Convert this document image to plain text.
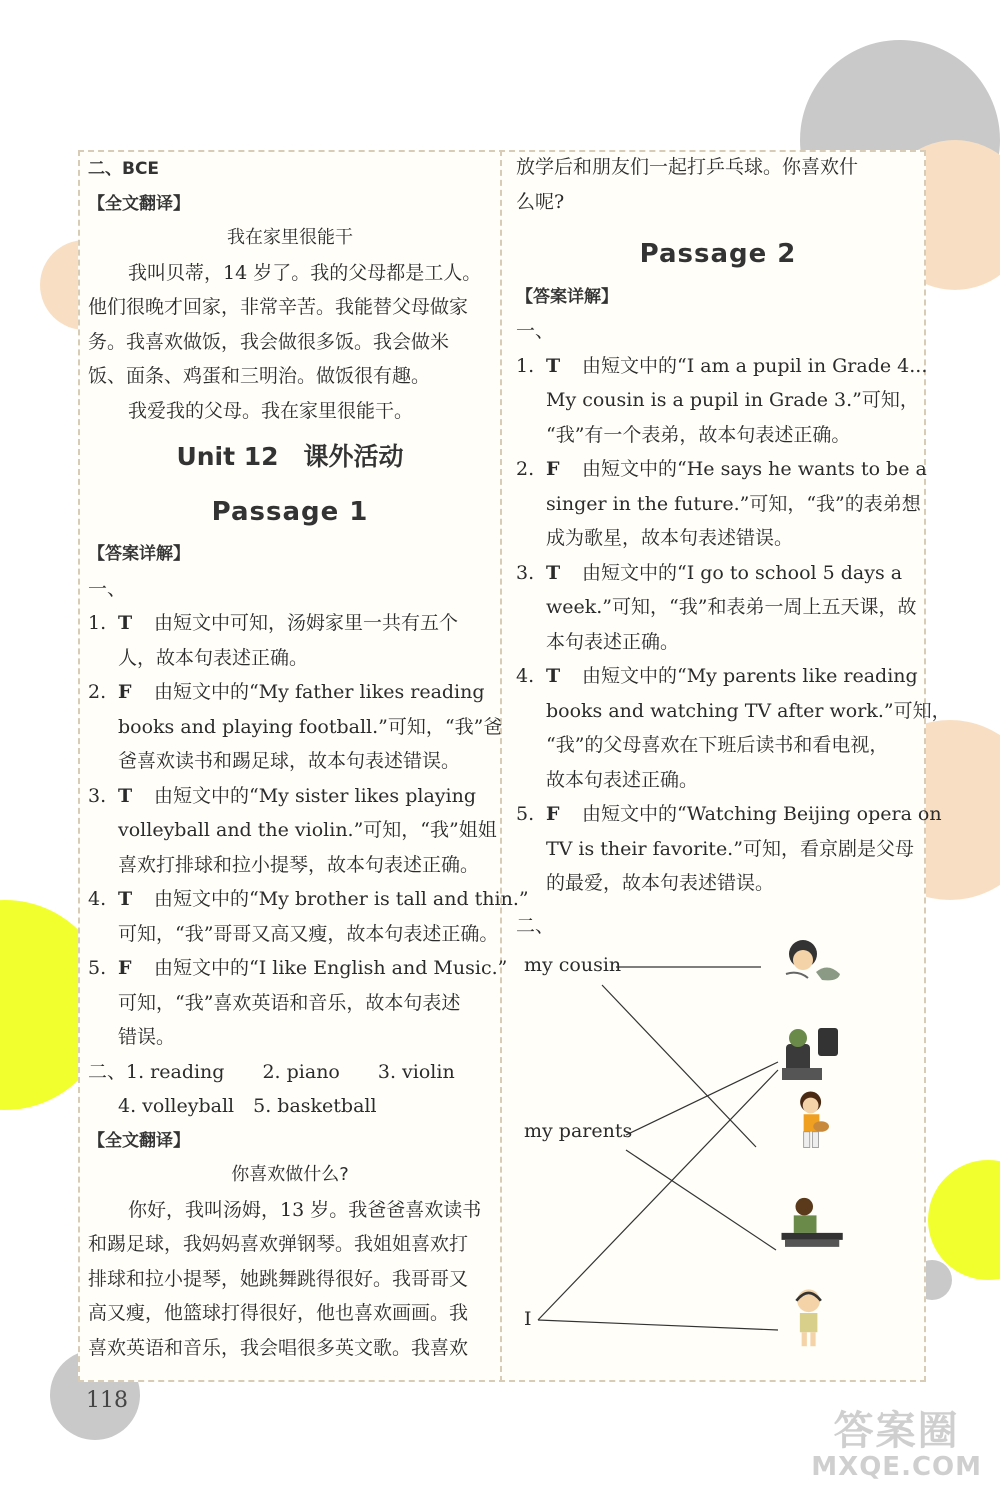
二、BCE
【全文翻译】
我在家里很能干
我叫贝蒂，14 岁了。我的父母都是工人。
他们很晚才回家，非常辛苦。我能替父母做家
务。我喜欢做饭，我会做很多饭。我会做米
饭、面条、鸡蛋和三明治。做饭很有趣。
我爱我的父母。我在家里很能干。
Unit 12　课外活动
Passage 1
【答案详解】
一、
1. T	由短文中可知，汤姆家里一共有五个
人，故本句表述正确。
2. F	由短文中的“My father likes reading
books and playing football.”可知，“我”爸
爸喜欢读书和踢足球，故本句表述错误。
3. T	由短文中的“My sister likes playing
volleyball and the violin.”可知，“我”姐姐
喜欢打排球和拉小提琴，故本句表述正确。
4. T	由短文中的“My brother is tall and thin.”
可知，“我”哥哥又高又瘦，故本句表述正确。
5. F	由短文中的“I like English and Music.”
可知，“我”喜欢英语和音乐，故本句表述
错误。
二、1. reading　　2. piano　　3. violin
4. volleyball　5. basketball
【全文翻译】
你喜欢做什么?
你好，我叫汤姆，13 岁。我爸爸喜欢读书
和踢足球，我妈妈喜欢弹钢琴。我姐姐喜欢打
排球和拉小提琴，她跳舞跳得很好。我哥哥又
高又瘦，他篮球打得很好，他也喜欢画画。我
喜欢英语和音乐，我会唱很多英文歌。我喜欢
放学后和朋友们一起打乒乓球。你喜欢什
么呢?
Passage 2
【答案详解】
一、
1. T	由短文中的“I am a pupil in Grade 4...
My cousin is a pupil in Grade 3.”可知，
“我”有一个表弟，故本句表述正确。
2. F	由短文中的“He says he wants to be a
singer in the future.”可知，“我”的表弟想
成为歌星，故本句表述错误。
3. T	由短文中的“I go to school 5 days a
week.”可知，“我”和表弟一周上五天课，故
本句表述正确。
4. T	由短文中的“My parents like reading
books and watching TV after work.”可知，
“我”的父母喜欢在下班后读书和看电视，
故本句表述正确。
5. F	由短文中的“Watching Beijing opera on
TV is their favorite.”可知，看京剧是父母
的最爱，故本句表述错误。
二、
my cousin
my parents
I
118
答案圈
MXQE.COM
